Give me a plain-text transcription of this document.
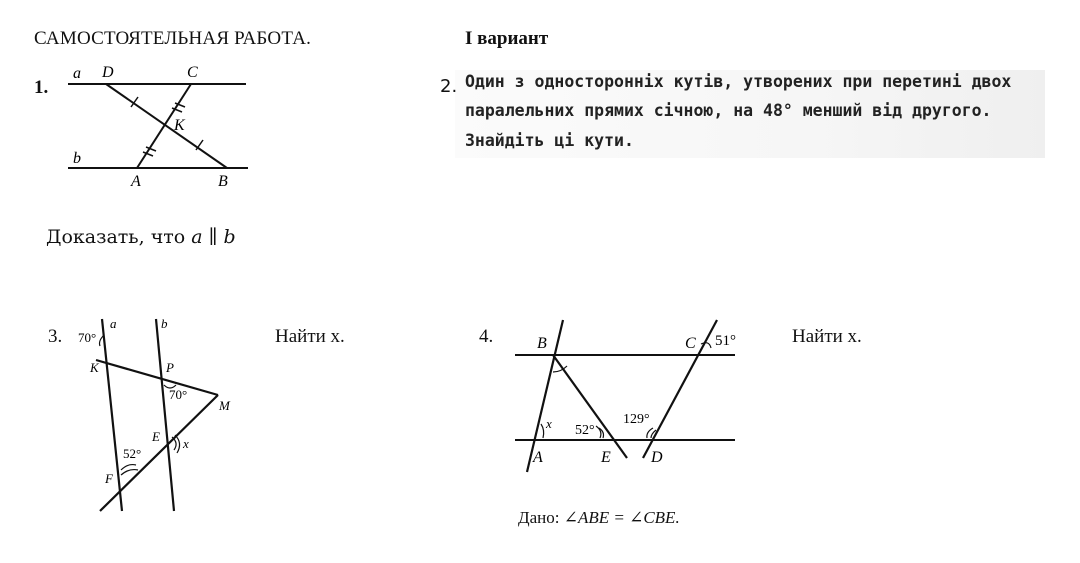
САМОСТОЯТЕЛЬНАЯ РАБОТА.	І вариант
1.
a D	C
K
b
A	B
Доказать, что a ∥ b
2. Один з односторонніх кутів, утворених при перетині двох
паралельних прямих січною, на 48° менший від другого.
Знайдіть ці кути.
3.	Найти x.
70°
a	b
K	P
70°
M
E x
52°
F
4.	Найти x.
B	C 51°
x 52°
129°
A	E	D
Дано: ∠ABE = ∠CBE.
